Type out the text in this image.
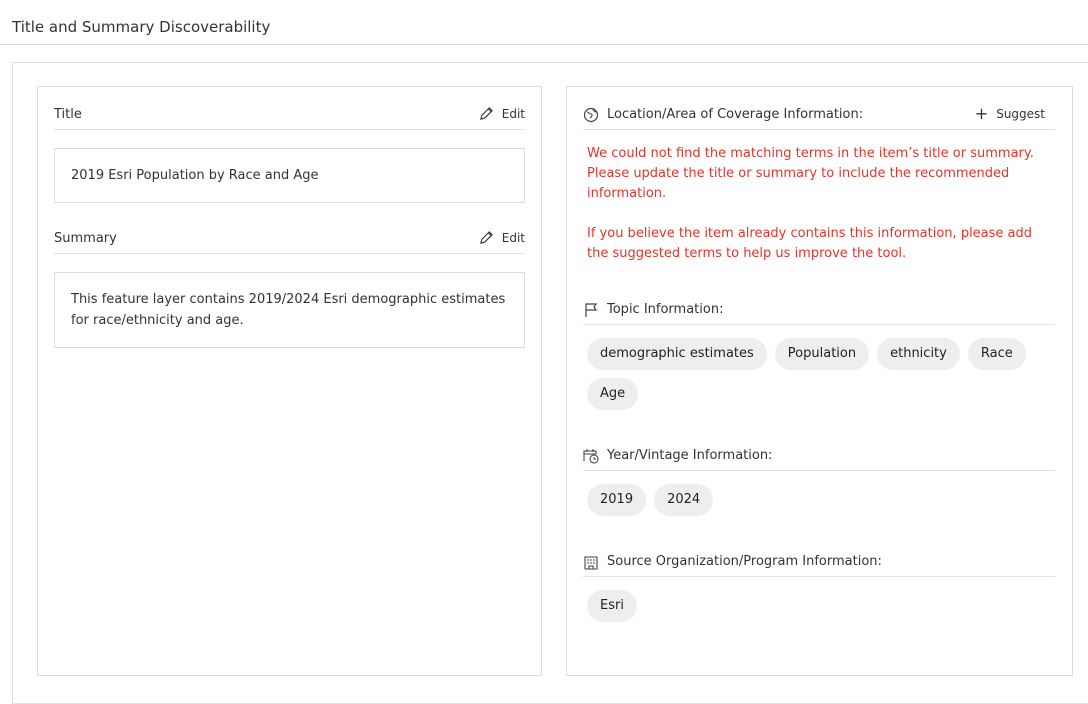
Title and Summary Discoverability
Title	Edit
2019 Esri Population by Race and Age
Summary	Edit
This feature layer contains 2019/2024 Esri demographic estimates for race/ethnicity and age.
Location/Area of Coverage Information:	+ Suggest
We could not find the matching terms in the item’s title or summary. Please update the title or summary to include the recommended information.
If you believe the item already contains this information, please add the suggested terms to help us improve the tool.
Topic Information:
demographic estimates	Population	ethnicity	Race
Age
Year/Vintage Information:
2019	2024
Source Organization/Program Information:
Esri
